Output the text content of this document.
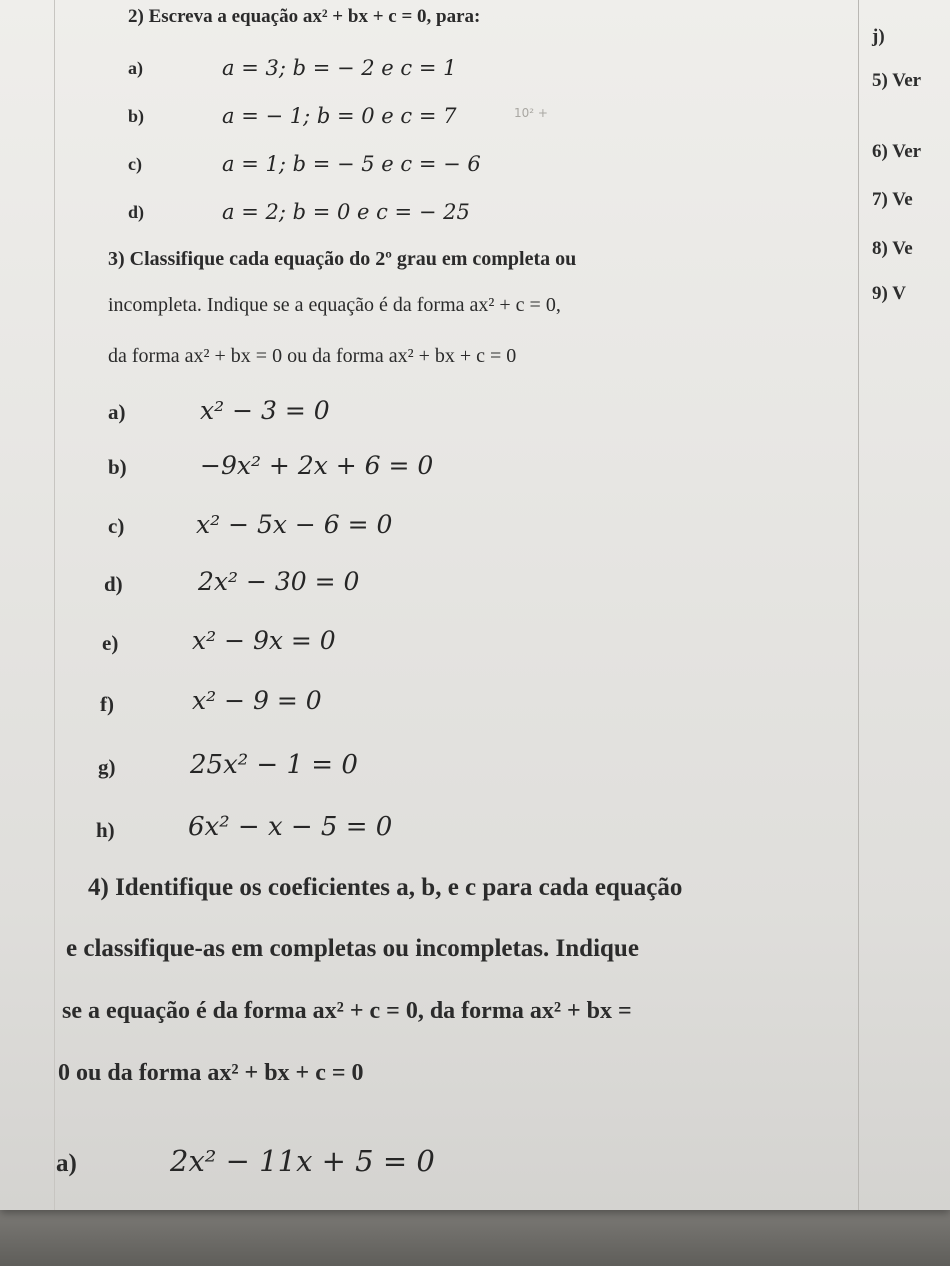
2) Escreva a equação ax² + bx + c = 0, para:
a)	a = 3; b = − 2 e c = 1
b)	a = − 1; b = 0 e c = 7	10² +
c)	a = 1; b = − 5 e c = − 6
d)	a = 2; b = 0 e c = − 25
j)
5) Ver
6) Ver
7) Ve
8) Ve
9) V
3) Classifique cada equação do 2º grau em completa ou
incompleta. Indique se a equação é da forma ax² + c = 0,
da forma ax² + bx = 0 ou da forma ax² + bx + c = 0
a)	x² − 3 = 0
b)	−9x² + 2x + 6 = 0
c)	x² − 5x − 6 = 0
d)	2x² − 30 = 0
e)	x² − 9x = 0
f)	x² − 9 = 0
g)	25x² − 1 = 0
h)	6x² − x − 5 = 0
4) Identifique os coeficientes a, b, e c para cada equação
e classifique-as em completas ou incompletas. Indique
se a equação é da forma ax² + c = 0, da forma ax² + bx =
0 ou da forma ax² + bx + c = 0
a)	2x² − 11x + 5 = 0
